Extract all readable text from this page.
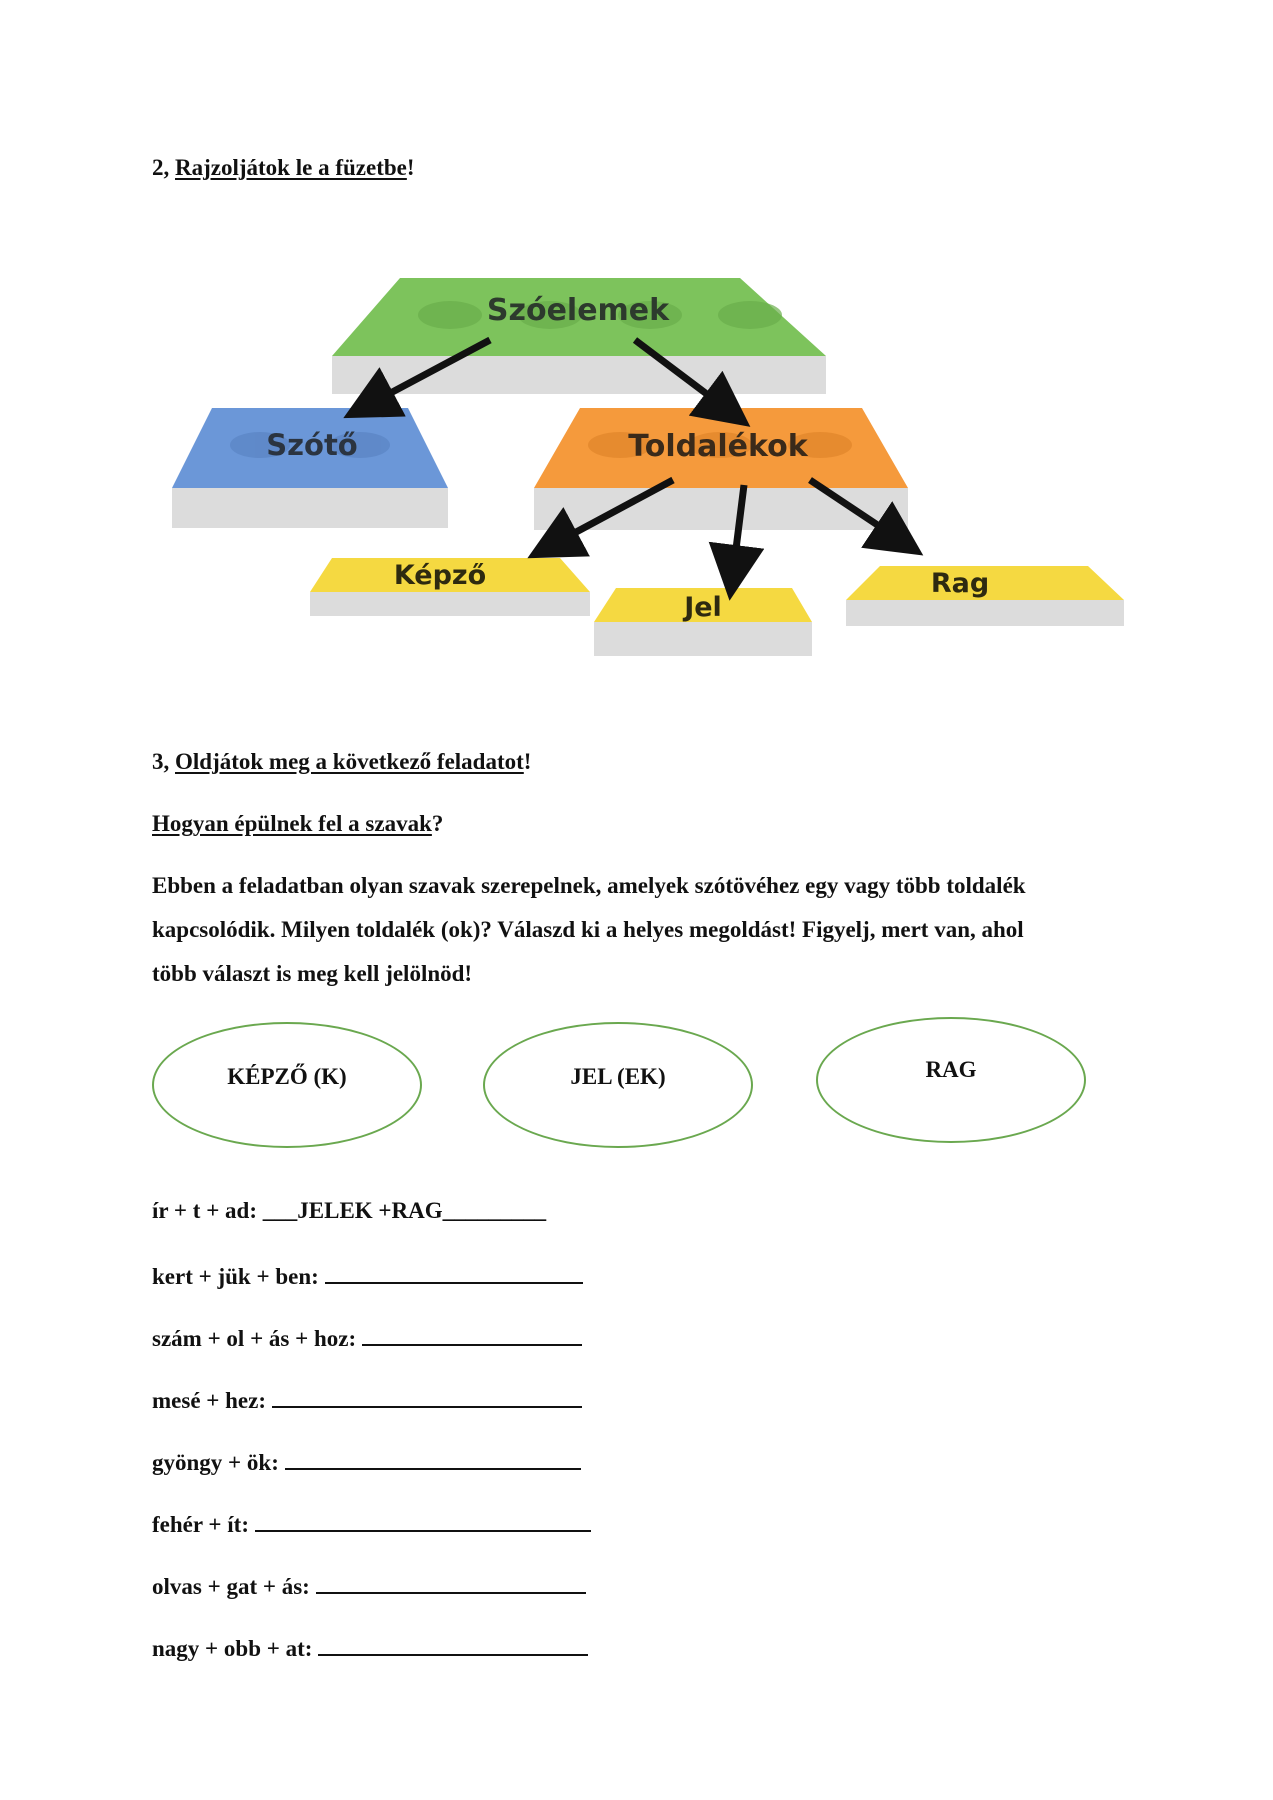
2, Rajzoljátok le a füzetbe!
Szóelemek
Szótő	Toldalékok
Képző
Jel
Rag
3, Oldjátok meg a következő feladatot!
Hogyan épülnek fel a szavak?
Ebben a feladatban olyan szavak szerepelnek, amelyek szótövéhez egy vagy több toldalék
kapcsolódik. Milyen toldalék (ok)? Válaszd ki a helyes megoldást! Figyelj, mert van, ahol
több választ is meg kell jelölnöd!
KÉPZŐ (K)	JEL (EK)	RAG
ír + t + ad: ___JELEK +RAG_________
kert + jük + ben:
szám + ol + ás + hoz:
mesé + hez:
gyöngy + ök:
fehér + ít:
olvas + gat + ás:
nagy + obb + at:
